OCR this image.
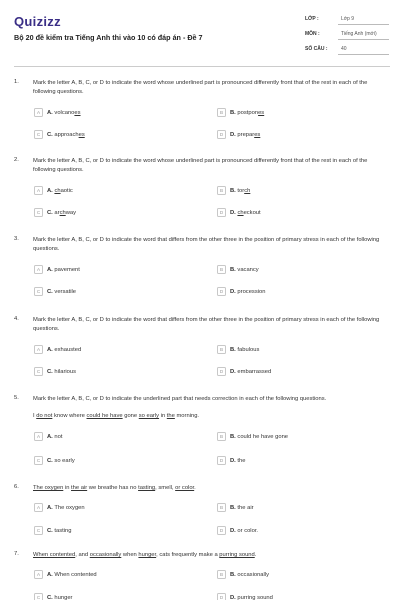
Quizizz
Bộ 20 đề kiểm tra Tiếng Anh thi vào 10 có đáp án - Đề 7
LỚP :	Lớp 9
MÔN :	Tiếng Anh (mới)
SỐ CÂU :	40
1. Mark the letter A, B, C, or D to indicate the word whose underlined part is pronounced differently front that of the rest in each of the following questions.
A	A. volcanoes	B	B. postpones
C	C. approaches	D	D. prepares
2. Mark the letter A, B, C, or D to indicate the word whose underlined part is pronounced differently front that of the rest in each of the following questions.
A	A. chaotic	B	B. torch
C	C. archway	D	D. checkout
3. Mark the letter A, B, C, or D to indicate the word that differs from the other three in the position of primary stress in each of the following questions.
A	A. pavement	B	B. vacancy
C	C. versatile	D	D. procession
4. Mark the letter A, B, C, or D to indicate the word that differs from the other three in the position of primary stress in each of the following questions.
A	A. exhausted	B	B. fabulous
C	C. hilarious	D	D. embarrassed
5. Mark the letter A, B, C, or D to indicate the underlined part that needs correction in each of the following questions.
I do not know where could he have gone so early in the morning.
A	A. not	B	B. could he have gone
C	C. so early	D	D. the
6. The oxygen in the air we breathe has no tasting, smell, or color.
A	A. The oxygen	B	B. the air
C	C. tasting	D	D. or color.
7. When contented, and occasionally when hunger, cats frequently make a purring sound.
A	A. When contented	B	B. occasionally
C	C. hunger	D	D. purring sound
